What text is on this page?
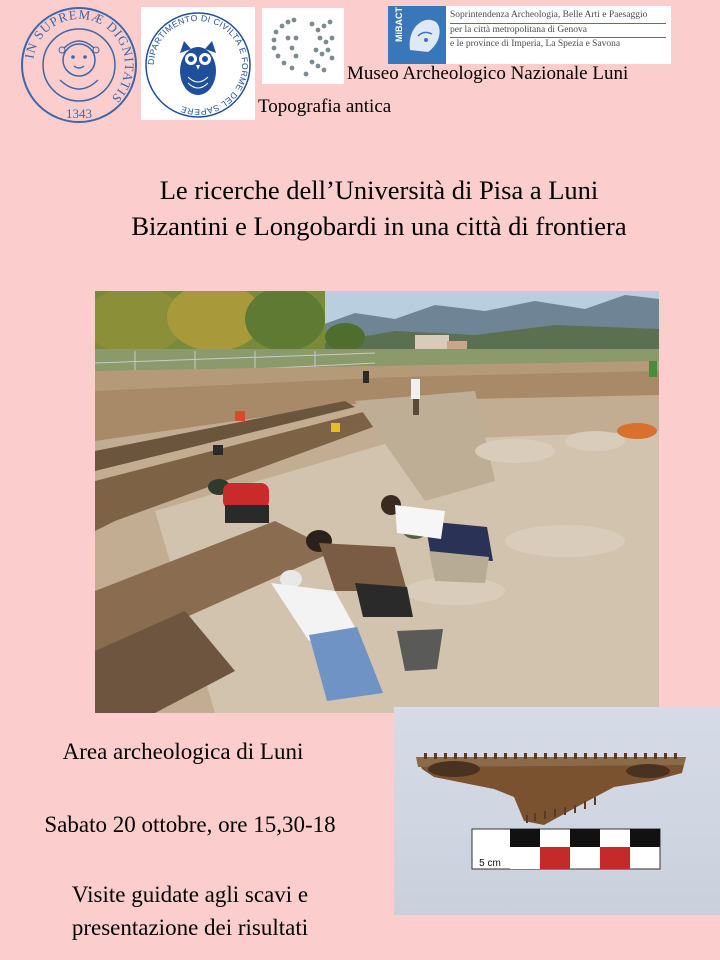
IN SUPREMÆ DIGNITATIS
1343
DIPARTIMENTO DI CIVILTÀ E FORME DEL SAPERE
MiBACT	Soprintendenza Archeologia, Belle Arti e Paesaggio
per la città metropolitana di Genova
e le province di Imperia, La Spezia e Savona
Museo Archeologico Nazionale Luni
Topografia antica
Le ricerche dell’Università di Pisa a Luni
Bizantini e Longobardi in una città di frontiera
5 cm
Area archeologica di Luni
Sabato 20 ottobre, ore 15,30-18
Visite guidate agli scavi e
presentazione dei risultati
